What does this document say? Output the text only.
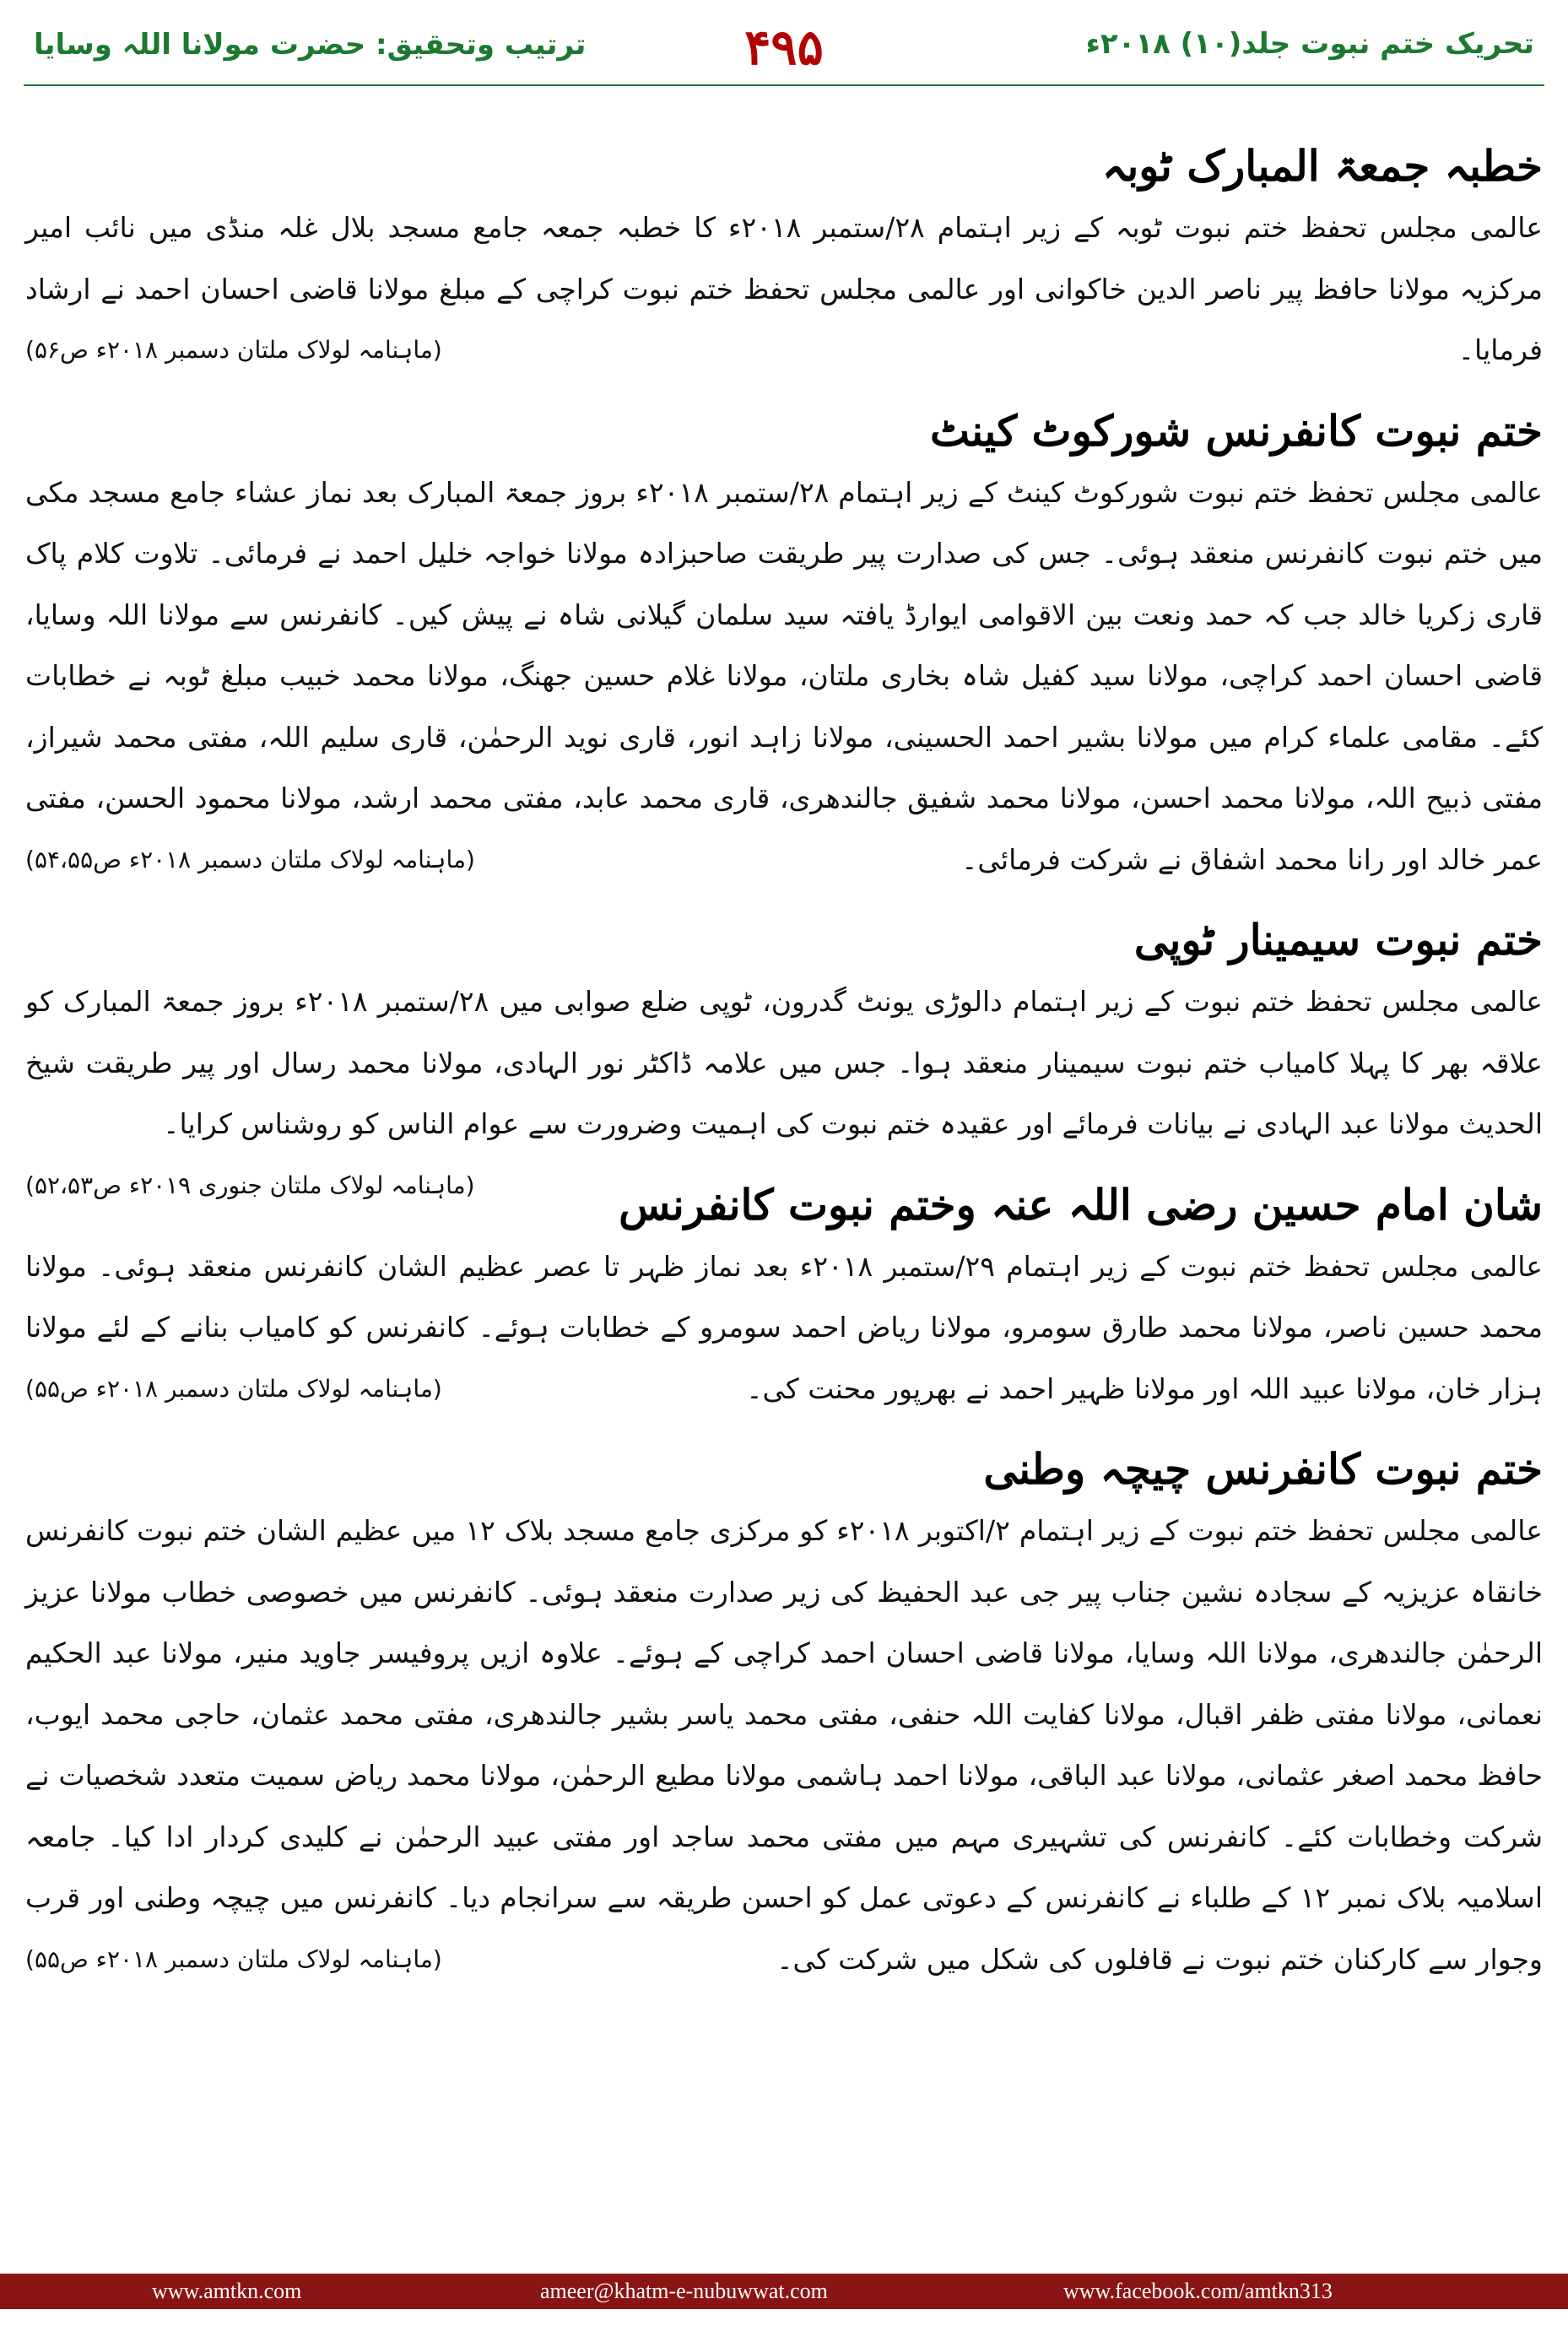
تحریک ختم نبوت جلد(۱۰) ۲۰۱۸ء
۴۹۵
ترتیب وتحقیق: حضرت مولانا اللہ وسایا
خطبہ جمعۃ المبارک ٹوبہ
عالمی مجلس تحفظ ختم نبوت ٹوبہ کے زیر اہتمام ۲۸/ستمبر ۲۰۱۸ء کا خطبہ جمعہ جامع مسجد بلال غلہ منڈی میں نائب امیر مرکزیہ مولانا حافظ پیر ناصر الدین خاکوانی اور عالمی مجلس تحفظ ختم نبوت کراچی کے مبلغ مولانا قاضی احسان احمد نے ارشاد فرمایا۔
(ماہنامہ لولاک ملتان دسمبر ۲۰۱۸ء ص۵۶)
ختم نبوت کانفرنس شورکوٹ کینٹ
عالمی مجلس تحفظ ختم نبوت شورکوٹ کینٹ کے زیر اہتمام ۲۸/ستمبر ۲۰۱۸ء بروز جمعۃ المبارک بعد نماز عشاء جامع مسجد مکی میں ختم نبوت کانفرنس منعقد ہوئی۔ جس کی صدارت پیر طریقت صاحبزادہ مولانا خواجہ خلیل احمد نے فرمائی۔ تلاوت کلام پاک قاری زکریا خالد جب کہ حمد ونعت بین الاقوامی ایوارڈ یافتہ سید سلمان گیلانی شاہ نے پیش کیں۔ کانفرنس سے مولانا اللہ وسایا، قاضی احسان احمد کراچی، مولانا سید کفیل شاہ بخاری ملتان، مولانا غلام حسین جھنگ، مولانا محمد خبیب مبلغ ٹوبہ نے خطابات کئے۔ مقامی علماء کرام میں مولانا بشیر احمد الحسینی، مولانا زاہد انور، قاری نوید الرحمٰن، قاری سلیم اللہ، مفتی محمد شیراز، مفتی ذبیح اللہ، مولانا محمد احسن، مولانا محمد شفیق جالندھری، قاری محمد عابد، مفتی محمد ارشد، مولانا محمود الحسن، مفتی عمر خالد اور رانا محمد اشفاق نے شرکت فرمائی۔
(ماہنامہ لولاک ملتان دسمبر ۲۰۱۸ء ص۵۴،۵۵)
ختم نبوت سیمینار ٹوپی
عالمی مجلس تحفظ ختم نبوت کے زیر اہتمام دالوڑی یونٹ گدرون، ٹوپی ضلع صوابی میں ۲۸/ستمبر ۲۰۱۸ء بروز جمعۃ المبارک کو علاقہ بھر کا پہلا کامیاب ختم نبوت سیمینار منعقد ہوا۔ جس میں علامہ ڈاکٹر نور الہادی، مولانا محمد رسال اور پیر طریقت شیخ الحدیث مولانا عبد الہادی نے بیانات فرمائے اور عقیدہ ختم نبوت کی اہمیت وضرورت سے عوام الناس کو روشناس کرایا۔
(ماہنامہ لولاک ملتان جنوری ۲۰۱۹ء ص۵۲،۵۳)	شان امام حسین رضی اللہ عنہ وختم نبوت کانفرنس
عالمی مجلس تحفظ ختم نبوت کے زیر اہتمام ۲۹/ستمبر ۲۰۱۸ء بعد نماز ظہر تا عصر عظیم الشان کانفرنس منعقد ہوئی۔ مولانا محمد حسین ناصر، مولانا محمد طارق سومرو، مولانا ریاض احمد سومرو کے خطابات ہوئے۔ کانفرنس کو کامیاب بنانے کے لئے مولانا ہزار خان، مولانا عبید اللہ اور مولانا ظہیر احمد نے بھرپور محنت کی۔
(ماہنامہ لولاک ملتان دسمبر ۲۰۱۸ء ص۵۵)
ختم نبوت کانفرنس چیچہ وطنی
عالمی مجلس تحفظ ختم نبوت کے زیر اہتمام ۲/اکتوبر ۲۰۱۸ء کو مرکزی جامع مسجد بلاک ۱۲ میں عظیم الشان ختم نبوت کانفرنس خانقاہ عزیزیہ کے سجادہ نشین جناب پیر جی عبد الحفیظ کی زیر صدارت منعقد ہوئی۔ کانفرنس میں خصوصی خطاب مولانا عزیز الرحمٰن جالندھری، مولانا اللہ وسایا، مولانا قاضی احسان احمد کراچی کے ہوئے۔ علاوہ ازیں پروفیسر جاوید منیر، مولانا عبد الحکیم نعمانی، مولانا مفتی ظفر اقبال، مولانا کفایت اللہ حنفی، مفتی محمد یاسر بشیر جالندھری، مفتی محمد عثمان، حاجی محمد ایوب، حافظ محمد اصغر عثمانی، مولانا عبد الباقی، مولانا احمد ہاشمی مولانا مطیع الرحمٰن، مولانا محمد ریاض سمیت متعدد شخصیات نے شرکت وخطابات کئے۔ کانفرنس کی تشہیری مہم میں مفتی محمد ساجد اور مفتی عبید الرحمٰن نے کلیدی کردار ادا کیا۔ جامعہ اسلامیہ بلاک نمبر ۱۲ کے طلباء نے کانفرنس کے دعوتی عمل کو احسن طریقہ سے سرانجام دیا۔ کانفرنس میں چیچہ وطنی اور قرب وجوار سے کارکنان ختم نبوت نے قافلوں کی شکل میں شرکت کی۔
(ماہنامہ لولاک ملتان دسمبر ۲۰۱۸ء ص۵۵)
www.amtkn.com	ameer@khatm-e-nubuwwat.com	www.facebook.com/amtkn313
